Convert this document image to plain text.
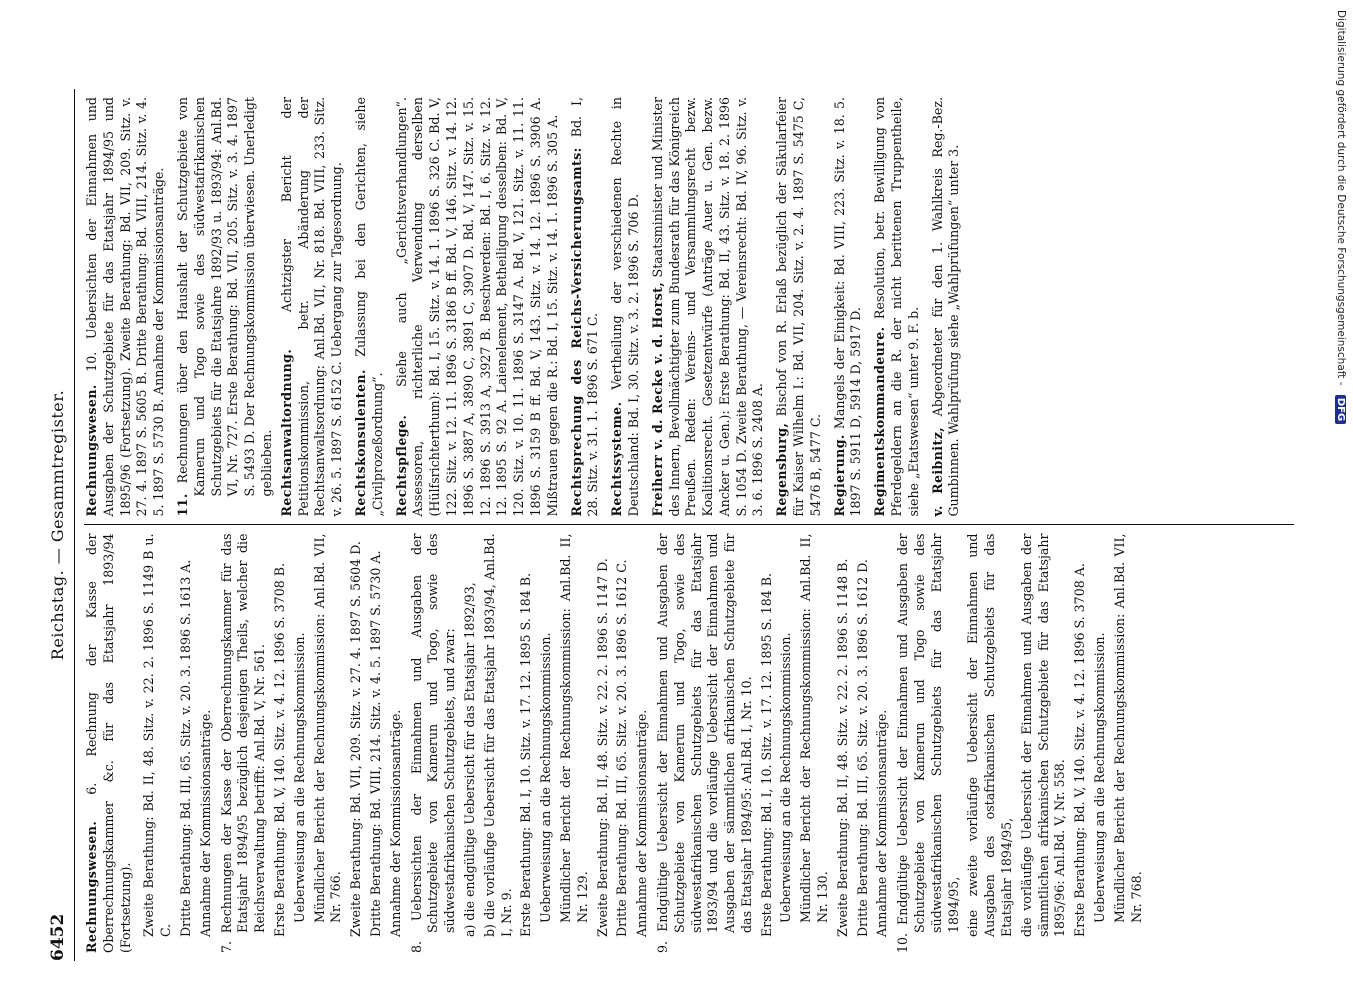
6452
Reichstag. — Gesammtregister.

Rechnungswesen. 6. Rechnung der Kasse der Oberrechnungskammer &c. für das Etatsjahr 1893/94 (Fortsetzung). Zweite Berathung: Bd. II, 48. Sitz. v. 22. 2. 1896 S. 1149 B u. C. Dritte Berathung: Bd. III, 65. Sitz. v. 20. 3. 1896 S. 1613 A. Annahme der Kommissionsanträge. 7. Rechnungen der Kasse der Oberrechnungskammer für das Etatsjahr 1894/95 bezüglich desjenigen Theils, welcher die Reichsverwaltung betrifft: Anl.Bd. V, Nr. 561. Erste Berathung: Bd. V, 140. Sitz. v. 4. 12. 1896 S. 3708 B. Ueberweisung an die Rechnungskommission. Mündlicher Bericht der Rechnungskommission: Anl.Bd. VII, Nr. 766. Zweite Berathung: Bd. VII, 209. Sitz. v. 27. 4. 1897 S. 5604 D. Dritte Berathung: Bd. VIII, 214. Sitz. v. 4. 5. 1897 S. 5730 A. Annahme der Kommissionsanträge. 8. Uebersichten der Einnahmen und Ausgaben der Schutzgebiete von Kamerun und Togo, sowie des südwestafrikanischen Schutzgebiets, und zwar: a) die endgültige Uebersicht für das Etatsjahr 1892/93, b) die vorläufige Uebersicht für das Etatsjahr 1893/94, Anl.Bd. I, Nr. 9. Erste Berathung: Bd. I, 10. Sitz. v. 17. 12. 1895 S. 184 B. Ueberweisung an die Rechnungskommission. Mündlicher Bericht der Rechnungskommission: Anl.Bd. II, Nr. 129. Zweite Berathung: Bd. II, 48. Sitz. v. 22. 2. 1896 S. 1147 D. Dritte Berathung: Bd. III, 65. Sitz. v. 20. 3. 1896 S. 1612 C. Annahme der Kommissionsanträge. 9. Endgültige Uebersicht der Einnahmen und Ausgaben der Schutzgebiete von Kamerun und Togo, sowie des südwestafrikanischen Schutzgebiets für das Etatsjahr 1893/94 und die vorläufige Uebersicht der Einnahmen und Ausgaben der sämmtlichen afrikanischen Schutzgebiete für das Etatsjahr 1894/95: Anl.Bd. I, Nr. 10. Erste Berathung: Bd. I, 10. Sitz. v. 17. 12. 1895 S. 184 B. Ueberweisung an die Rechnungskommission. Mündlicher Bericht der Rechnungskommission: Anl.Bd. II, Nr. 130. Zweite Berathung: Bd. II, 48. Sitz. v. 22. 2. 1896 S. 1148 B. Dritte Berathung: Bd. III, 65. Sitz. v. 20. 3. 1896 S. 1612 D. Annahme der Kommissionsanträge. 10. Endgültige Uebersicht der Einnahmen und Ausgaben der Schutzgebiete von Kamerun und Togo sowie des südwestafrikanischen Schutzgebiets für das Etatsjahr 1894/95, eine zweite vorläufige Uebersicht der Einnahmen und Ausgaben des ostafrikanischen Schutzgebiets für das Etatsjahr 1894/95, die vorläufige Uebersicht der Einnahmen und Ausgaben der sämmtlichen afrikanischen Schutzgebiete für das Etatsjahr 1895/96: Anl.Bd. V, Nr. 558. Erste Berathung: Bd. V, 140. Sitz. v. 4. 12. 1896 S. 3708 A. Ueberweisung an die Rechnungskommission. Mündlicher Bericht der Rechnungskommission: Anl.Bd. VII, Nr. 768.

Rechnungswesen. 10. Uebersichten der Einnahmen und Ausgaben der Schutzgebiete für das Etatsjahr 1894/95 und 1895/96 (Fortsetzung). Zweite Berathung: Bd. VII, 209. Sitz. v. 27. 4. 1897 S. 5605 B. Dritte Berathung: Bd. VIII, 214. Sitz. v. 4. 5. 1897 S. 5730 B. Annahme der Kommissionsanträge. 11. Rechnungen über den Haushalt der Schutzgebiete von Kamerun und Togo sowie des südwestafrikanischen Schutzgebiets für die Etatsjahre 1892/93 u. 1893/94: Anl.Bd. VI, Nr. 727. Erste Berathung: Bd. VII, 205. Sitz. v. 3. 4. 1897 S. 5493 D. Der Rechnungskommission überwiesen. Unerledigt geblieben. Rechtsanwaltordnung. Achtzigster Bericht der Petitionskommission, betr. Abänderung der Rechtsanwaltsordnung: Anl.Bd. VII, Nr. 818. Bd. VIII, 233. Sitz. v. 26. 5. 1897 S. 6152 C. Uebergang zur Tagesordnung. Rechtskonsulenten. Zulassung bei den Gerichten, siehe „Civilprozeßordnung“. Rechtspflege. Siehe auch „Gerichtsverhandlungen“. Assessoren, richterliche Verwendung derselben (Hülfsrichterthum): Bd. I, 15. Sitz. v. 14. 1. 1896 S. 326 C. Bd. V, 122. Sitz. v. 12. 11. 1896 S. 3186 B ff. Bd. V, 146. Sitz. v. 14. 12. 1896 S. 3887 A, 3890 C, 3891 C, 3907 D. Bd. V, 147. Sitz. v. 15. 12. 1896 S. 3913 A, 3927 B. Beschwerden: Bd. I, 6. Sitz. v. 12. 12. 1895 S. 92 A. Laienelement, Betheiligung desselben: Bd. V, 120. Sitz. v. 10. 11. 1896 S. 3147 A. Bd. V, 121. Sitz. v. 11. 11. 1896 S. 3159 B ff. Bd. V, 143. Sitz. v. 14. 12. 1896 S. 3906 A. Mißtrauen gegen die R.: Bd. I, 15. Sitz. v. 14. 1. 1896 S. 305 A. Rechtsprechung des Reichs-Versicherungsamts: Bd. I, 28. Sitz. v. 31. 1. 1896 S. 671 C. Rechtssysteme. Vertheilung der verschiedenen Rechte in Deutschland: Bd. I, 30. Sitz. v. 3. 2. 1896 S. 706 D. Freiherr v. d. Recke v. d. Horst, Staatsminister und Minister des Innern, Bevollmächtigter zum Bundesrath für das Königreich Preußen. Reden: Vereins- und Versammlungsrecht bezw. Koalitionsrecht. Gesetzentwürfe (Anträge Auer u. Gen. bezw. Ancker u. Gen.): Erste Berathung: Bd. II, 43. Sitz. v. 18. 2. 1896 S. 1054 D. Zweite Berathung, — Vereinsrecht: Bd. IV, 96. Sitz. v. 3. 6. 1896 S. 2408 A. Regensburg, Bischof von R. Erlaß bezüglich der Säkularfeier für Kaiser Wilhelm I.: Bd. VII, 204. Sitz. v. 2. 4. 1897 S. 5475 C, 5476 B, 5477 C. Regierung. Mangels der Einigkeit: Bd. VIII, 223. Sitz. v. 18. 5. 1897 S. 5911 D, 5914 D, 5917 D. Regimentskommandeure. Resolution, betr. Bewilligung von Pferdegeldern an die R. der nicht berittenen Truppentheile, siehe „Etatswesen“ unter 9. F. b. v. Reibnitz, Abgeordneter für den 1. Wahlkreis Reg.-Bez. Gumbinnen. Wahlprüfung siehe „Wahlprüfungen“ unter 3.	Digitalisierung gefördert durch die Deutsche Forschungsgemeinschaft - DFG
